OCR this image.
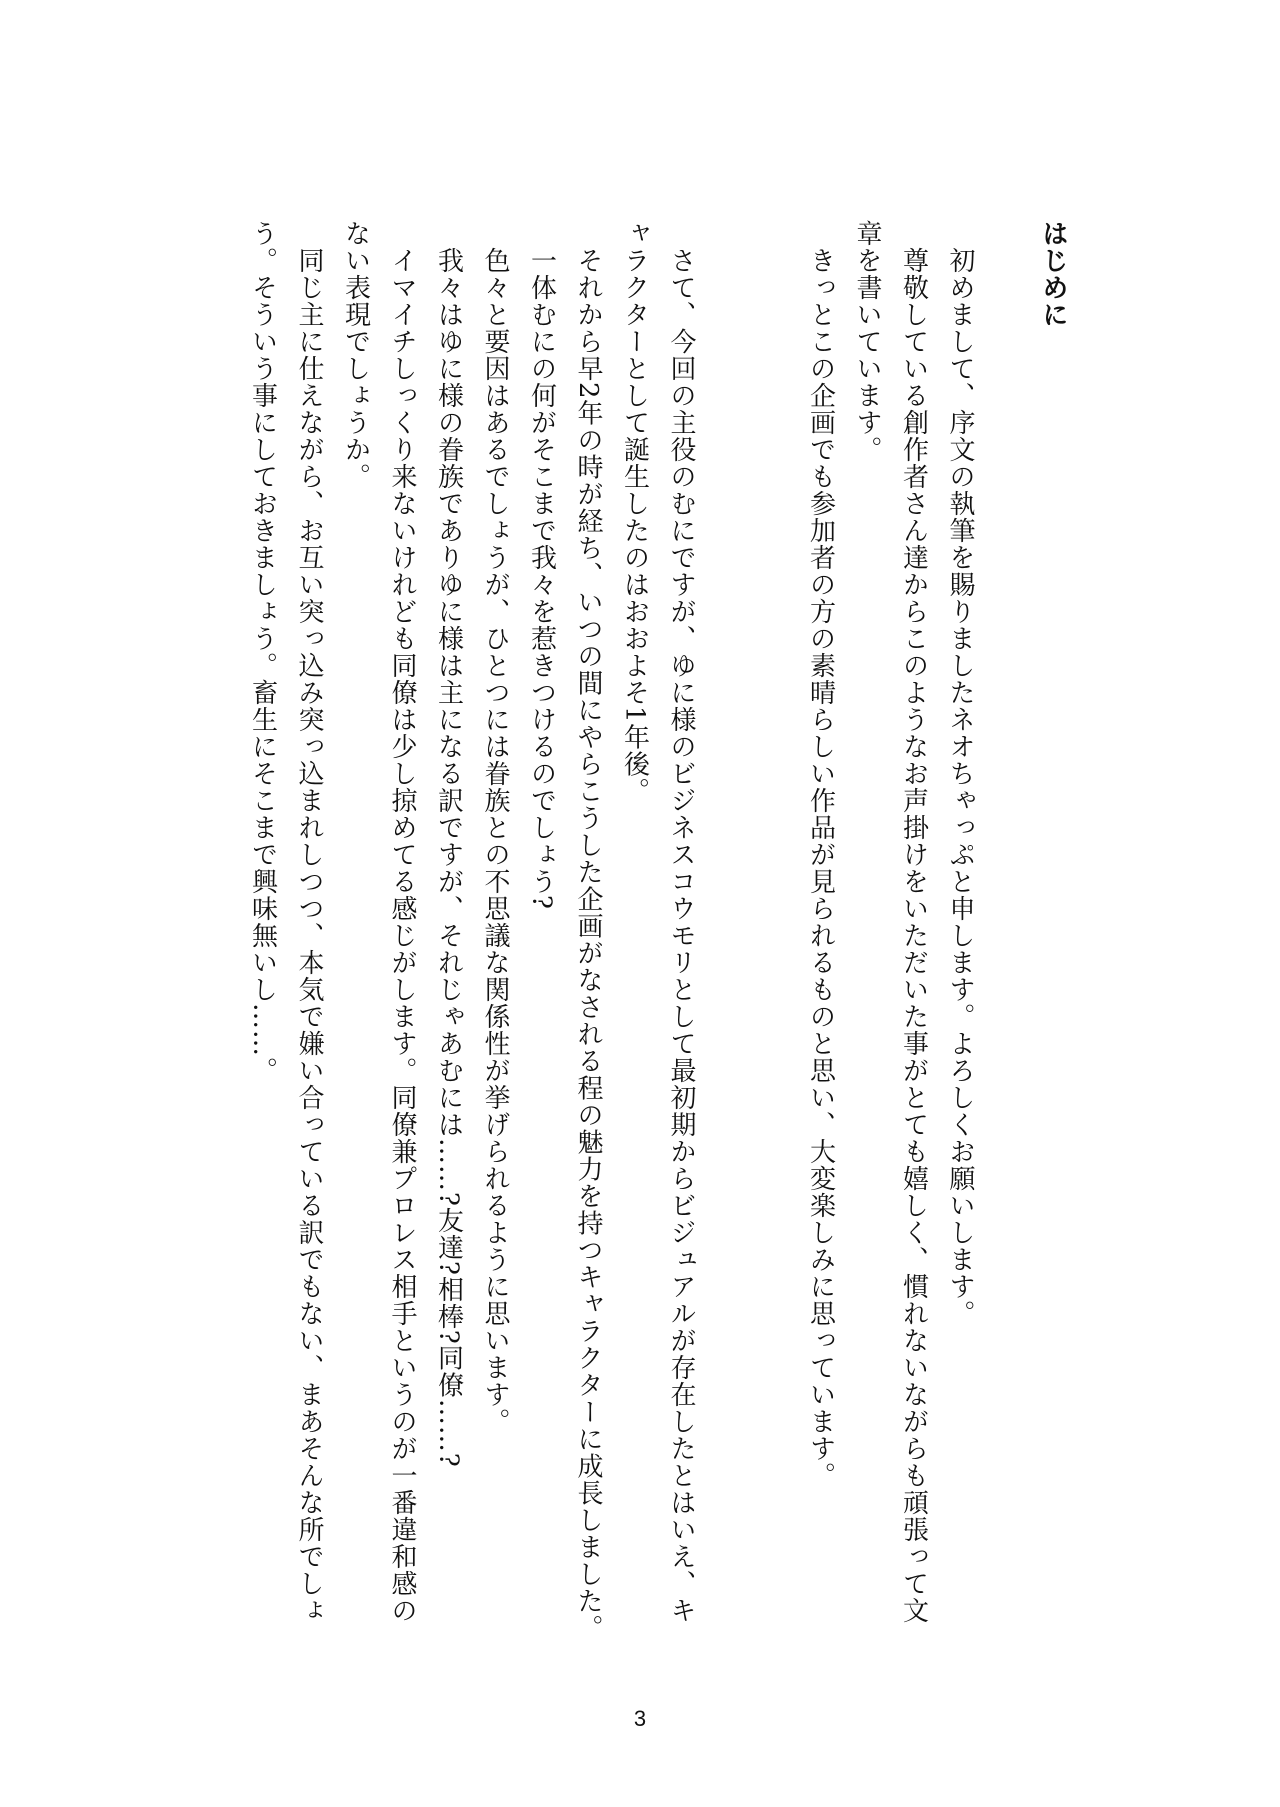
はじめに
初めまして、序文の執筆を賜りましたネオちゃっぷと申します。よろしくお願いします。
尊敬している創作者さん達からこのようなお声掛けをいただいた事がとても嬉しく、慣れないながらも頑張って文
章を書いています。
きっとこの企画でも参加者の方の素晴らしい作品が見られるものと思い、大変楽しみに思っています。
さて、今回の主役のむにですが、ゆに様のビジネスコウモリとして最初期からビジュアルが存在したとはいえ、キ
ャラクターとして誕生したのはおおよそ1年後。
それから早2年の時が経ち、いつの間にやらこうした企画がなされる程の魅力を持つキャラクターに成長しました。
一体むにの何がそこまで我々を惹きつけるのでしょう?
色々と要因はあるでしょうが、ひとつには眷族との不思議な関係性が挙げられるように思います。
我々はゆに様の眷族でありゆに様は主になる訳ですが、それじゃあむには……?友達?相棒?同僚……?
イマイチしっくり来ないけれども同僚は少し掠めてる感じがします。同僚兼プロレス相手というのが一番違和感の
ない表現でしょうか。
同じ主に仕えながら、お互い突っ込み突っ込まれしつつ、本気で嫌い合っている訳でもない、まあそんな所でしょ
う。そういう事にしておきましょう。畜生にそこまで興味無いし……。
3
